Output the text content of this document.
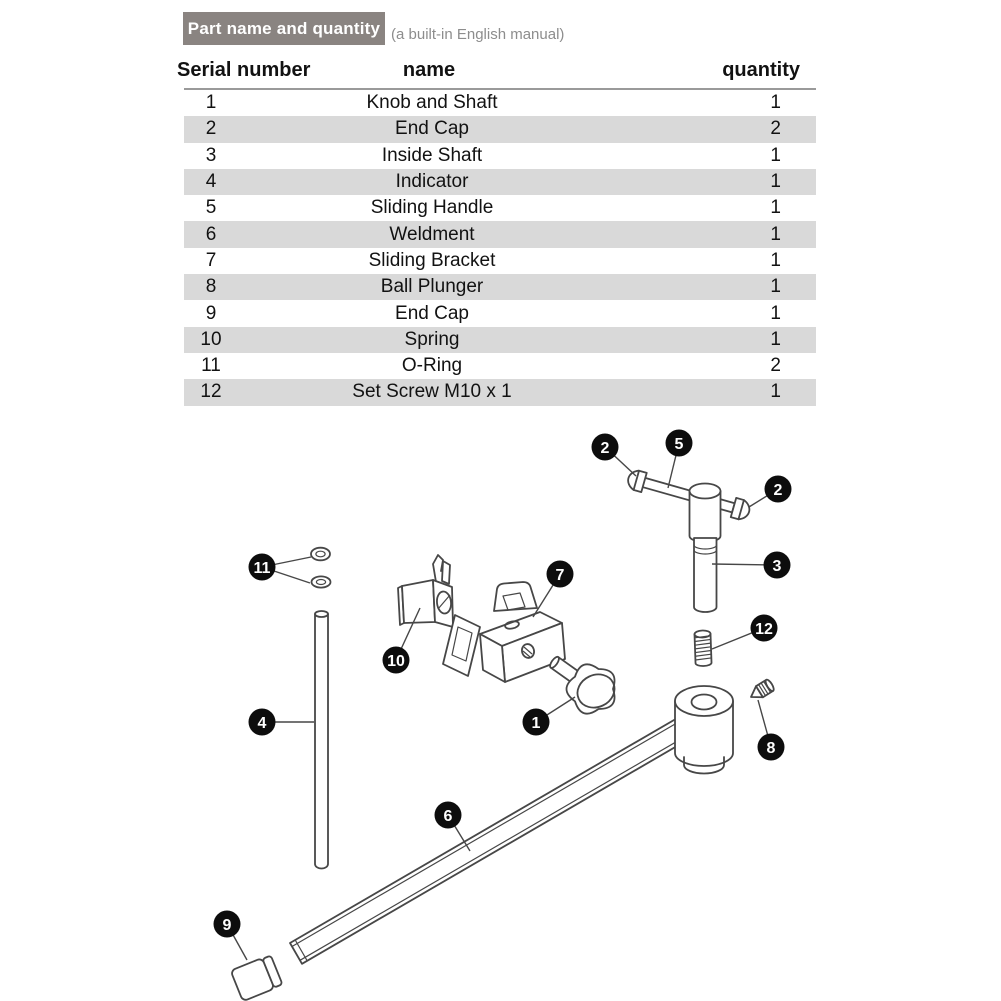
Part name and quantity (a built-in English manual)
Serial number	name	quantity
1	Knob and Shaft	1
2	End Cap	2
3	Inside Shaft	1
4	Indicator	1
5	Sliding Handle	1
6	Weldment	1
7	Sliding Bracket	1
8	Ball Plunger	1
9	End Cap	1
10	Spring	1
11	O-Ring	2
12	Set Screw M10 x 1	1
2	5
2
3
12
8
11
10
7
4	1
6
9
